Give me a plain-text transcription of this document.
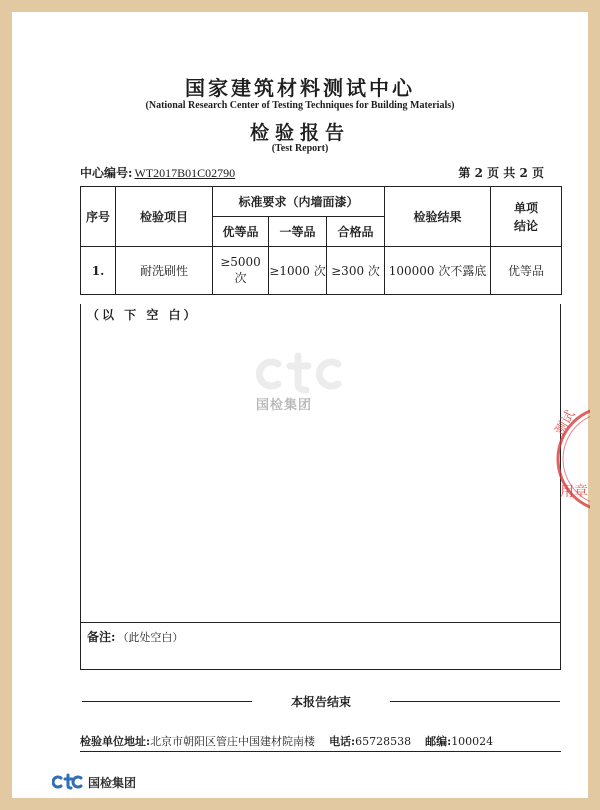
国家建筑材料测试中心
(National Research Center of Testing Techniques for Building Materials)
检验报告
(Test Report)
中心编号: WT2017B01C02790	第 2 页 共 2 页
序号	检验项目	标准要求（内墙面漆）			检验结果	单项结论
		优等品	一等品	合格品		
1.	耐洗刷性	≥5000 次	≥1000 次	≥300 次	100000 次不露底	优等品
（以 下 空 白）
备注: （此处空白）
国检集团
测试
用章
本报告结束
检验单位地址:北京市朝阳区管庄中国建材院南楼 电话:65728538 邮编:100024
国检集团
